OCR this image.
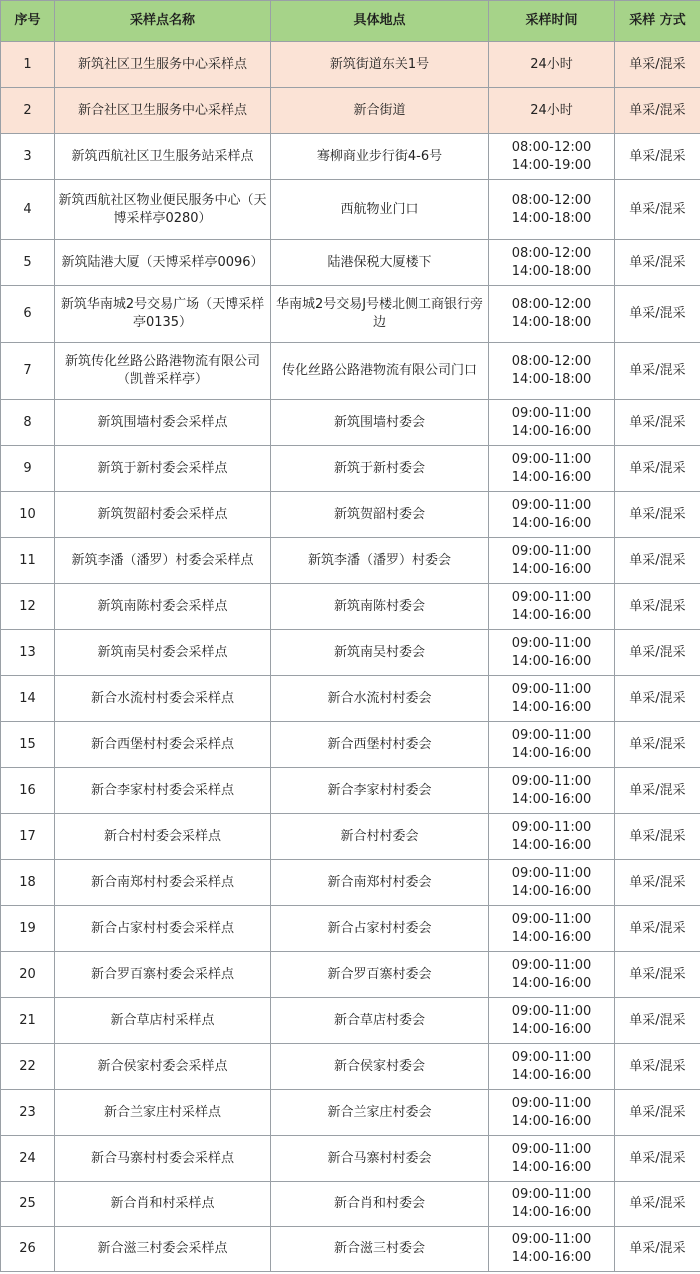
序号	采样点名称	具体地点	采样时间	采样 方式
1	新筑社区卫生服务中心采样点	新筑街道东关1号	24小时	单采/混采
2	新合社区卫生服务中心采样点	新合街道	24小时	单采/混采
3	新筑西航社区卫生服务站采样点	骞柳商业步行街4-6号	08:00-12:00
14:00-19:00	单采/混采
4	新筑西航社区物业便民服务中心（天博采样亭0280）	西航物业门口	08:00-12:00
14:00-18:00	单采/混采
5	新筑陆港大厦（天博采样亭0096）	陆港保税大厦楼下	08:00-12:00
14:00-18:00	单采/混采
6	新筑华南城2号交易广场（天博采样亭0135）	华南城2号交易J号楼北侧工商银行旁边	08:00-12:00
14:00-18:00	单采/混采
7	新筑传化丝路公路港物流有限公司（凯普采样亭）	传化丝路公路港物流有限公司门口	08:00-12:00
14:00-18:00	单采/混采
8	新筑围墙村委会采样点	新筑围墙村委会	09:00-11:00
14:00-16:00	单采/混采
9	新筑于新村委会采样点	新筑于新村委会	09:00-11:00
14:00-16:00	单采/混采
10	新筑贺韶村委会采样点	新筑贺韶村委会	09:00-11:00
14:00-16:00	单采/混采
11	新筑李潘（潘罗）村委会采样点	新筑李潘（潘罗）村委会	09:00-11:00
14:00-16:00	单采/混采
12	新筑南陈村委会采样点	新筑南陈村委会	09:00-11:00
14:00-16:00	单采/混采
13	新筑南吴村委会采样点	新筑南吴村委会	09:00-11:00
14:00-16:00	单采/混采
14	新合水流村村委会采样点	新合水流村村委会	09:00-11:00
14:00-16:00	单采/混采
15	新合西堡村村委会采样点	新合西堡村村委会	09:00-11:00
14:00-16:00	单采/混采
16	新合李家村村委会采样点	新合李家村村委会	09:00-11:00
14:00-16:00	单采/混采
17	新合村村委会采样点	新合村村委会	09:00-11:00
14:00-16:00	单采/混采
18	新合南郑村村委会采样点	新合南郑村村委会	09:00-11:00
14:00-16:00	单采/混采
19	新合占家村村委会采样点	新合占家村村委会	09:00-11:00
14:00-16:00	单采/混采
20	新合罗百寨村委会采样点	新合罗百寨村委会	09:00-11:00
14:00-16:00	单采/混采
21	新合草店村采样点	新合草店村委会	09:00-11:00
14:00-16:00	单采/混采
22	新合侯家村委会采样点	新合侯家村委会	09:00-11:00
14:00-16:00	单采/混采
23	新合兰家庄村采样点	新合兰家庄村委会	09:00-11:00
14:00-16:00	单采/混采
24	新合马寨村村委会采样点	新合马寨村村委会	09:00-11:00
14:00-16:00	单采/混采
25	新合肖和村采样点	新合肖和村委会	09:00-11:00
14:00-16:00	单采/混采
26	新合滋三村委会采样点	新合滋三村委会	09:00-11:00
14:00-16:00	单采/混采
